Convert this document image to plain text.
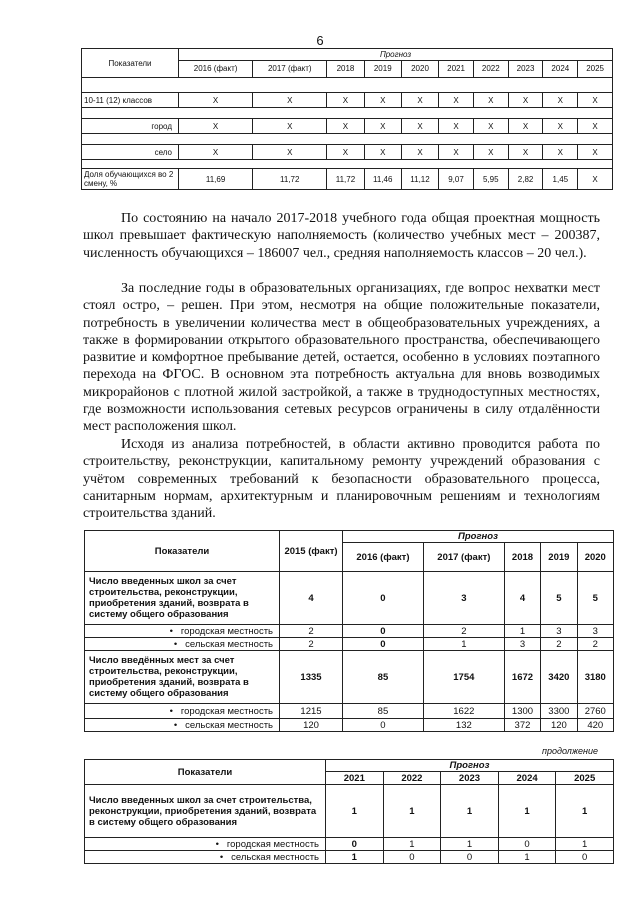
6
Показатели	Прогноз									
	2016 (факт)	2017 (факт)	2018	2019	2020	2021	2022	2023	2024	2025

10-11 (12) классов	X	X	X	X	X	X	X	X	X	X

город	X	X	X	X	X	X	X	X	X	X

село	X	X	X	X	X	X	X	X	X	X

Доля обучающихся во 2 смену, %	11,69	11,72	11,72	11,46	11,12	9,07	5,95	2,82	1,45	X
По состоянию на начало 2017-2018 учебного года общая проектная мощность школ превышает фактическую наполняемость (количество учебных мест – 200387, численность обучающихся – 186007 чел., средняя наполняемость классов – 20 чел.).
За последние годы в образовательных организациях, где вопрос нехватки мест стоял остро, – решен. При этом, несмотря на общие положительные показатели, потребность в увеличении количества мест в общеобразовательных учреждениях, а также в формировании открытого образовательного пространства, обеспечивающего развитие и комфортное пребывание детей, остается, особенно в условиях поэтапного перехода на ФГОС. В основном эта потребность актуальна для вновь возводимых микрорайонов с плотной жилой застройкой, а также в труднодоступных местностях, где возможности использования сетевых ресурсов ограничены в силу отдалённости мест расположения школ.
Исходя из анализа потребностей, в области активно проводится работа по строительству, реконструкции, капитальному ремонту учреждений образования с учётом современных требований к безопасности образовательного процесса, санитарным нормам, архитектурным и планировочным решениям и технологиям строительства зданий.
Показатели	2015 (факт)	Прогноз				
		2016 (факт)	2017 (факт)	2018	2019	2020
Число введенных школ за счет строительства, реконструкции, приобретения зданий, возврата в систему общего образования	4	0	3	4	5	5
•   городская местность	2	0	2	1	3	3
•   сельская местность	2	0	1	3	2	2
Число введённых мест за счет строительства, реконструкции, приобретения зданий, возврата в систему общего образования	1335	85	1754	1672	3420	3180
•   городская местность	1215	85	1622	1300	3300	2760
•   сельская местность	120	0	132	372	120	420
продолжение
Показатели	Прогноз				
	2021	2022	2023	2024	2025
Число введенных школ за счет строительства, реконструкции, приобретения зданий, возврата в систему общего образования	1	1	1	1	1
•   городская местность	0	1	1	0	1
•   сельская местность	1	0	0	1	0
